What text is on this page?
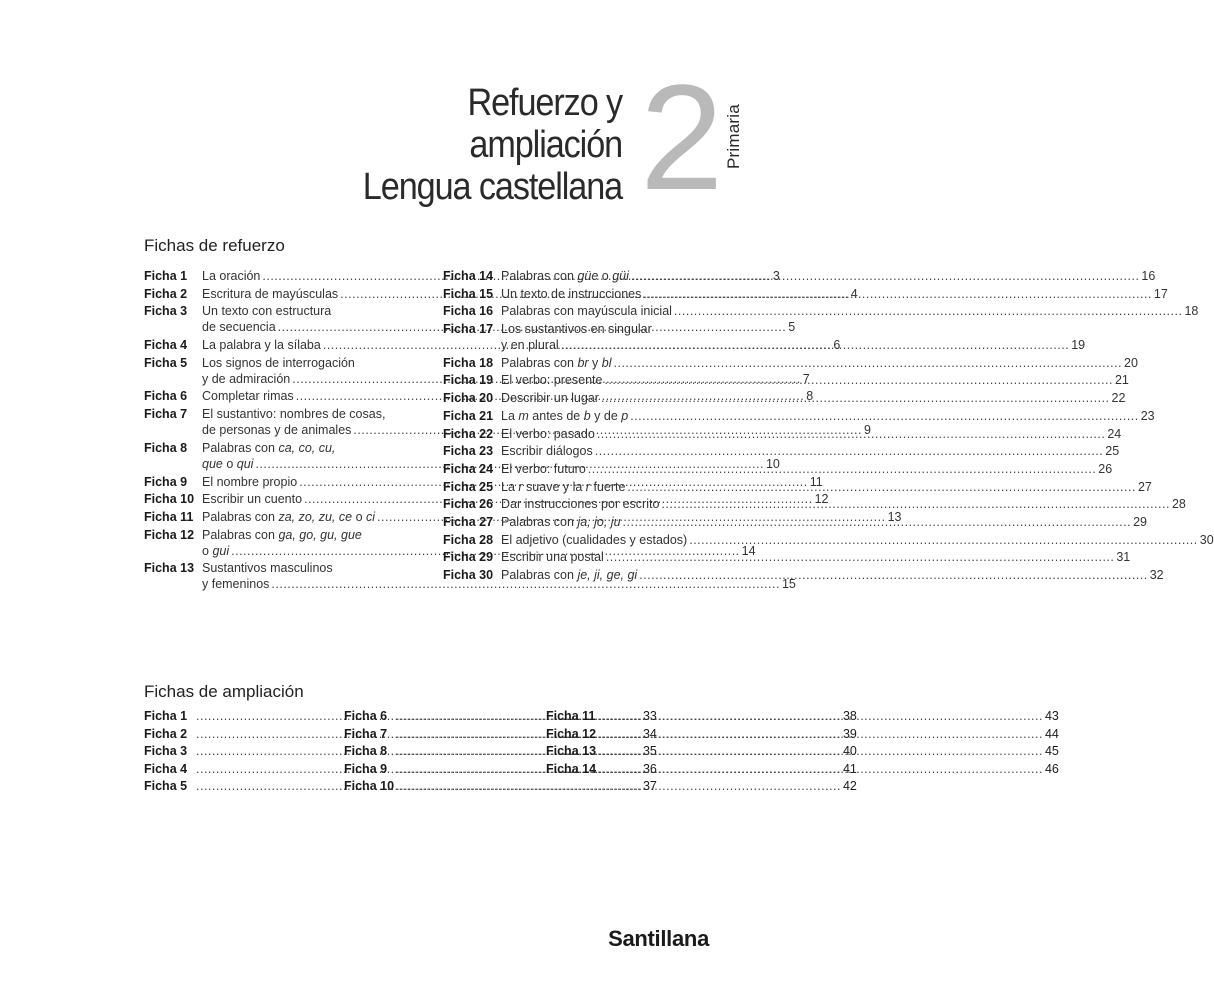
Refuerzo y
ampliación
Lengua castellana 2 Primaria
Fichas de refuerzo
Ficha 1	La oración .....	3
Ficha 2	Escritura de mayúsculas .....	4
Ficha 3	Un texto con estructura
de secuencia .....	5
Ficha 4	La palabra y la sílaba .....	6
Ficha 5	Los signos de interrogación
y de admiración .....	7
Ficha 6	Completar rimas .....	8
Ficha 7	El sustantivo: nombres de cosas,
de personas y de animales .....	9
Ficha 8	Palabras con ca, co, cu,
que o qui .....	10
Ficha 9	El nombre propio .....	11
Ficha 10 Escribir un cuento .....	12
Ficha 11 Palabras con za, zo, zu, ce o ci .....	13
Ficha 12 Palabras con ga, go, gu, gue
o gui .....	14
Ficha 13 Sustantivos masculinos
y femeninos .....	15
Ficha 14 Palabras con güe o güi .....	16
Ficha 15 Un texto de instrucciones .....	17
Ficha 16 Palabras con mayúscula inicial .....	18
Ficha 17 Los sustantivos en singular
y en plural .....	19
Ficha 18 Palabras con br y bl .....	20
Ficha 19 El verbo: presente .....	21
Ficha 20 Describir un lugar .....	22
Ficha 21 La m antes de b y de p .....	23
Ficha 22 El verbo: pasado .....	24
Ficha 23 Escribir diálogos .....	25
Ficha 24 El verbo: futuro .....	26
Ficha 25 La r suave y la r fuerte .....	27
Ficha 26 Dar instrucciones por escrito .....	28
Ficha 27 Palabras con ja, jo, ju .....	29
Ficha 28 El adjetivo (cualidades y estados) .....	30
Ficha 29 Escribir una postal .....	31
Ficha 30 Palabras con je, ji, ge, gi .....	32
Fichas de ampliación
Ficha 1 .....	33
Ficha 2 .....	34
Ficha 3 .....	35
Ficha 4 .....	36
Ficha 5 .....	37
Ficha 6 .....	38
Ficha 7 .....	39
Ficha 8 .....	40
Ficha 9 .....	41
Ficha 10 .....	42
Ficha 11 .....	43
Ficha 12 .....	44
Ficha 13 .....	45
Ficha 14 .....	46
Santillana
